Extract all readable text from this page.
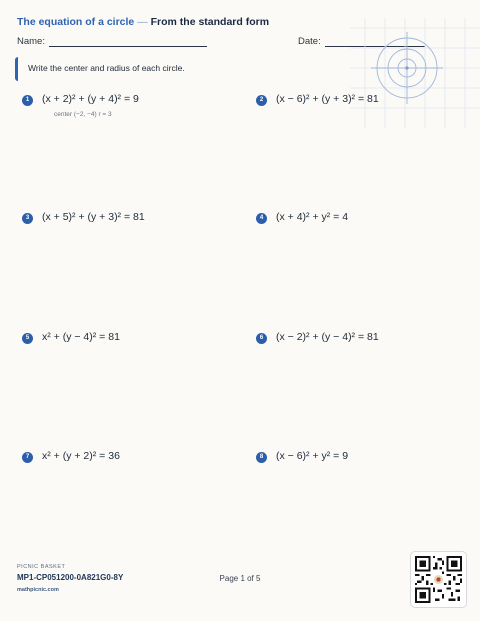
The equation of a circle — From the standard form
Name:	Date:
Write the center and radius of each circle.
1	(x + 2)² + (y + 4)² = 9
center (−2, −4) r = 3
2	(x − 6)² + (y + 3)² = 81
3	(x + 5)² + (y + 3)² = 81	4	(x + 4)² + y² = 4
5	x² + (y − 4)² = 81	6	(x − 2)² + (y − 4)² = 81
7	x² + (y + 2)² = 36	8	(x − 6)² + y² = 9
PICNIC BASKET
MP1-CP051200-0A821G0-8Y
mathpicnic.com
Page 1 of 5
